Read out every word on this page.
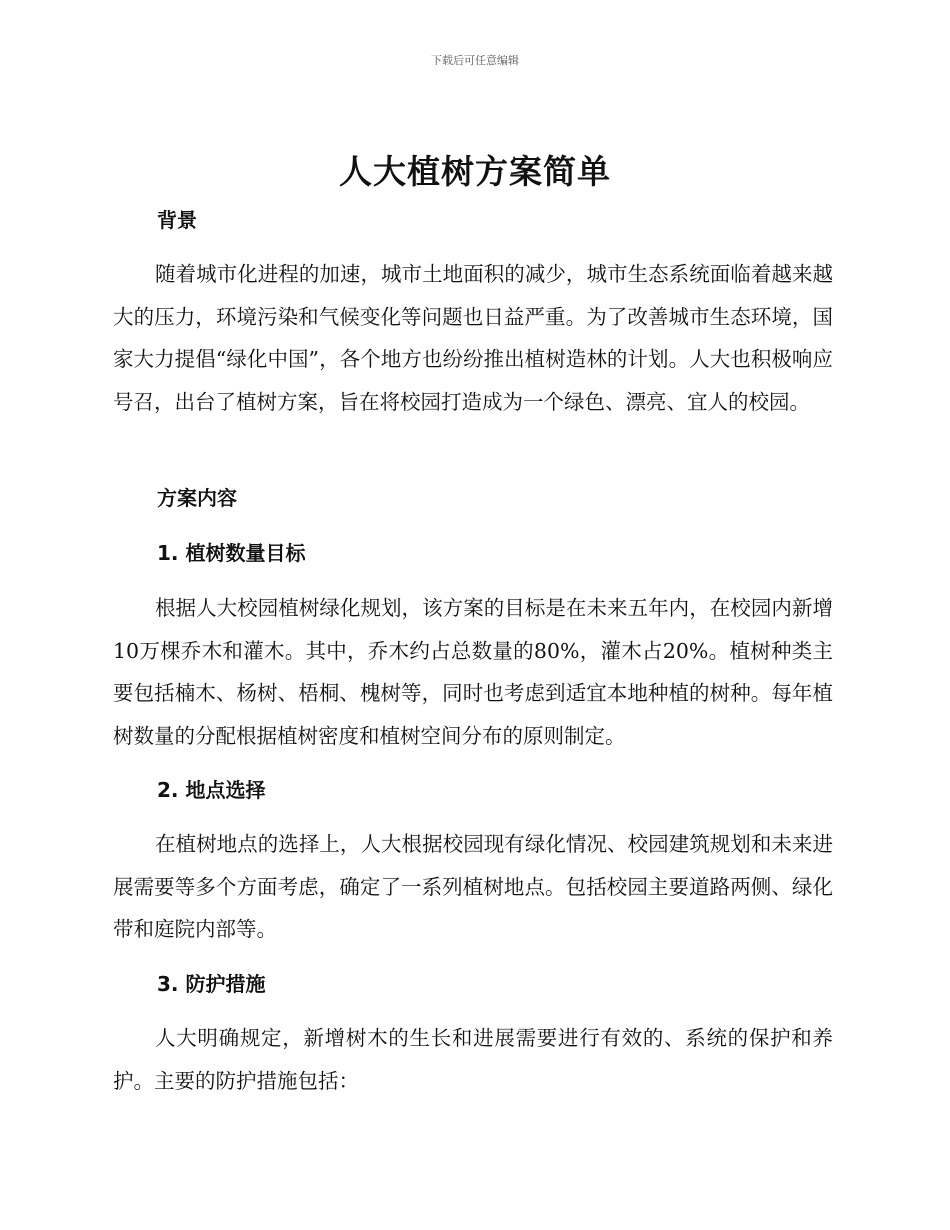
下载后可任意编辑
人大植树方案简单
背景

随着城市化进程的加速，城市土地面积的减少，城市生态系统面临着越来越大的压力，环境污染和气候变化等问题也日益严重。为了改善城市生态环境，国家大力提倡“绿化中国”，各个地方也纷纷推出植树造林的计划。人大也积极响应号召，出台了植树方案，旨在将校园打造成为一个绿色、漂亮、宜人的校园。

方案内容
1. 植树数量目标

根据人大校园植树绿化规划，该方案的目标是在未来五年内，在校园内新增10万棵乔木和灌木。其中，乔木约占总数量的80%，灌木占20%。植树种类主要包括楠木、杨树、梧桐、槐树等，同时也考虑到适宜本地种植的树种。每年植树数量的分配根据植树密度和植树空间分布的原则制定。

2. 地点选择

在植树地点的选择上，人大根据校园现有绿化情况、校园建筑规划和未来进展需要等多个方面考虑，确定了一系列植树地点。包括校园主要道路两侧、绿化带和庭院内部等。

3. 防护措施

人大明确规定，新增树木的生长和进展需要进行有效的、系统的保护和养护。主要的防护措施包括：
